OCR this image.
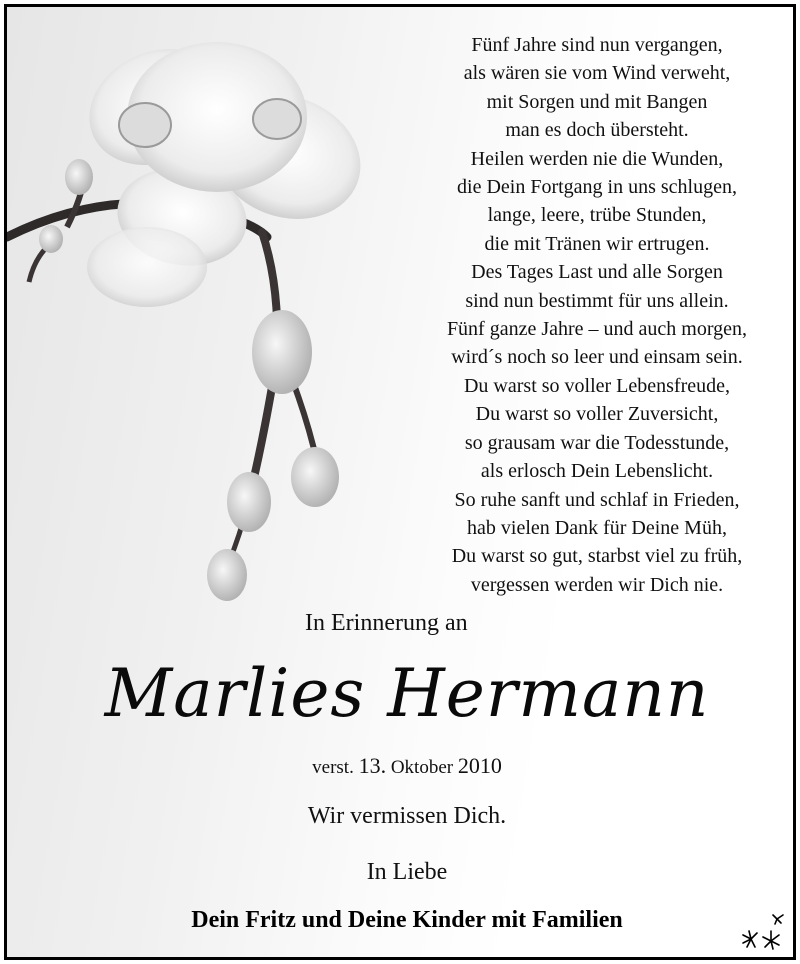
Fünf Jahre sind nun vergangen,
als wären sie vom Wind verweht,
mit Sorgen und mit Bangen
man es doch übersteht.
Heilen werden nie die Wunden,
die Dein Fortgang in uns schlugen,
lange, leere, trübe Stunden,
die mit Tränen wir ertrugen.
Des Tages Last und alle Sorgen
sind nun bestimmt für uns allein.
Fünf ganze Jahre – und auch morgen,
wird´s noch so leer und einsam sein.
Du warst so voller Lebensfreude,
Du warst so voller Zuversicht,
so grausam war die Todesstunde,
als erlosch Dein Lebenslicht.
So ruhe sanft und schlaf in Frieden,
hab vielen Dank für Deine Müh,
Du warst so gut, starbst viel zu früh,
vergessen werden wir Dich nie.
In Erinnerung an
Marlies Hermann
verst. 13. Oktober 2010
Wir vermissen Dich.
In Liebe
Dein Fritz und Deine Kinder mit Familien
